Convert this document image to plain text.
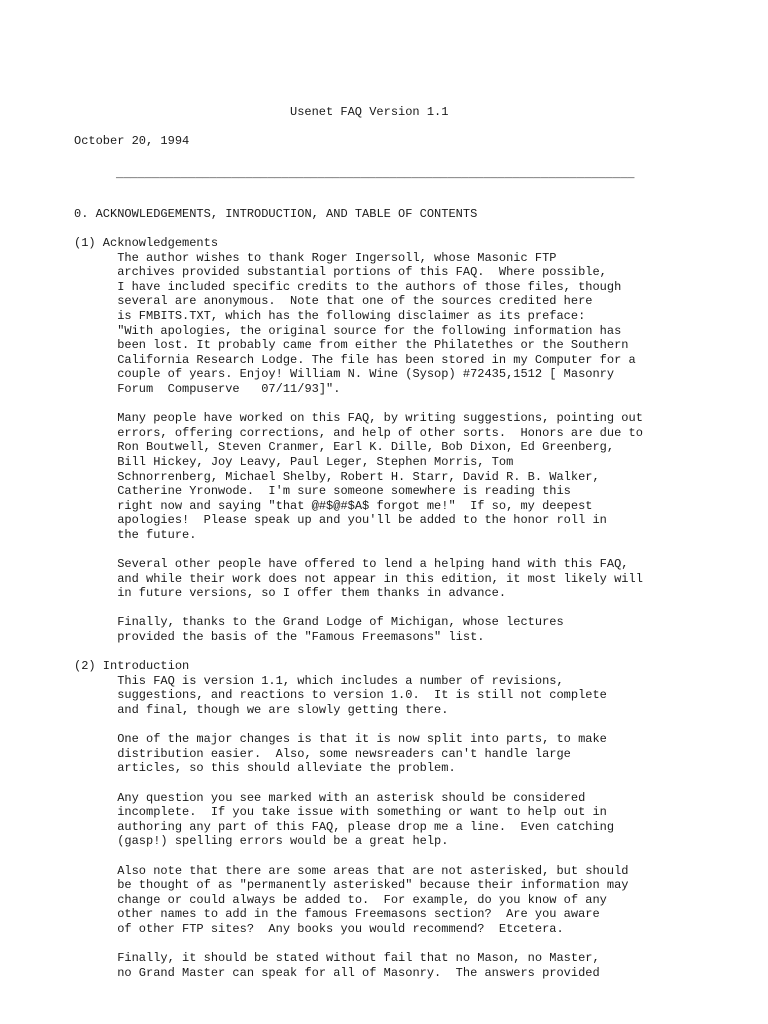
Usenet FAQ Version 1.1
October 20, 1994
________________________________________________________________________
0. ACKNOWLEDGEMENTS, INTRODUCTION, AND TABLE OF CONTENTS
(1) Acknowledgements
The author wishes to thank Roger Ingersoll, whose Masonic FTP
archives provided substantial portions of this FAQ.  Where possible,
I have included specific credits to the authors of those files, though
several are anonymous.  Note that one of the sources credited here
is FMBITS.TXT, which has the following disclaimer as its preface:
"With apologies, the original source for the following information has
been lost. It probably came from either the Philatethes or the Southern
California Research Lodge. The file has been stored in my Computer for a
couple of years. Enjoy! William N. Wine (Sysop) #72435,1512 [ Masonry
Forum  Compuserve   07/11/93]".

Many people have worked on this FAQ, by writing suggestions, pointing out
errors, offering corrections, and help of other sorts.  Honors are due to
Ron Boutwell, Steven Cranmer, Earl K. Dille, Bob Dixon, Ed Greenberg,
Bill Hickey, Joy Leavy, Paul Leger, Stephen Morris, Tom
Schnorrenberg, Michael Shelby, Robert H. Starr, David R. B. Walker,
Catherine Yronwode.  I'm sure someone somewhere is reading this
right now and saying "that @#$@#$A$ forgot me!"  If so, my deepest
apologies!  Please speak up and you'll be added to the honor roll in
the future.

Several other people have offered to lend a helping hand with this FAQ,
and while their work does not appear in this edition, it most likely will
in future versions, so I offer them thanks in advance.

Finally, thanks to the Grand Lodge of Michigan, whose lectures
provided the basis of the "Famous Freemasons" list.

(2) Introduction
This FAQ is version 1.1, which includes a number of revisions,
suggestions, and reactions to version 1.0.  It is still not complete
and final, though we are slowly getting there.

One of the major changes is that it is now split into parts, to make
distribution easier.  Also, some newsreaders can't handle large
articles, so this should alleviate the problem.

Any question you see marked with an asterisk should be considered
incomplete.  If you take issue with something or want to help out in
authoring any part of this FAQ, please drop me a line.  Even catching
(gasp!) spelling errors would be a great help.

Also note that there are some areas that are not asterisked, but should
be thought of as "permanently asterisked" because their information may
change or could always be added to.  For example, do you know of any
other names to add in the famous Freemasons section?  Are you aware
of other FTP sites?  Any books you would recommend?  Etcetera.

Finally, it should be stated without fail that no Mason, no Master,
no Grand Master can speak for all of Masonry.  The answers provided
